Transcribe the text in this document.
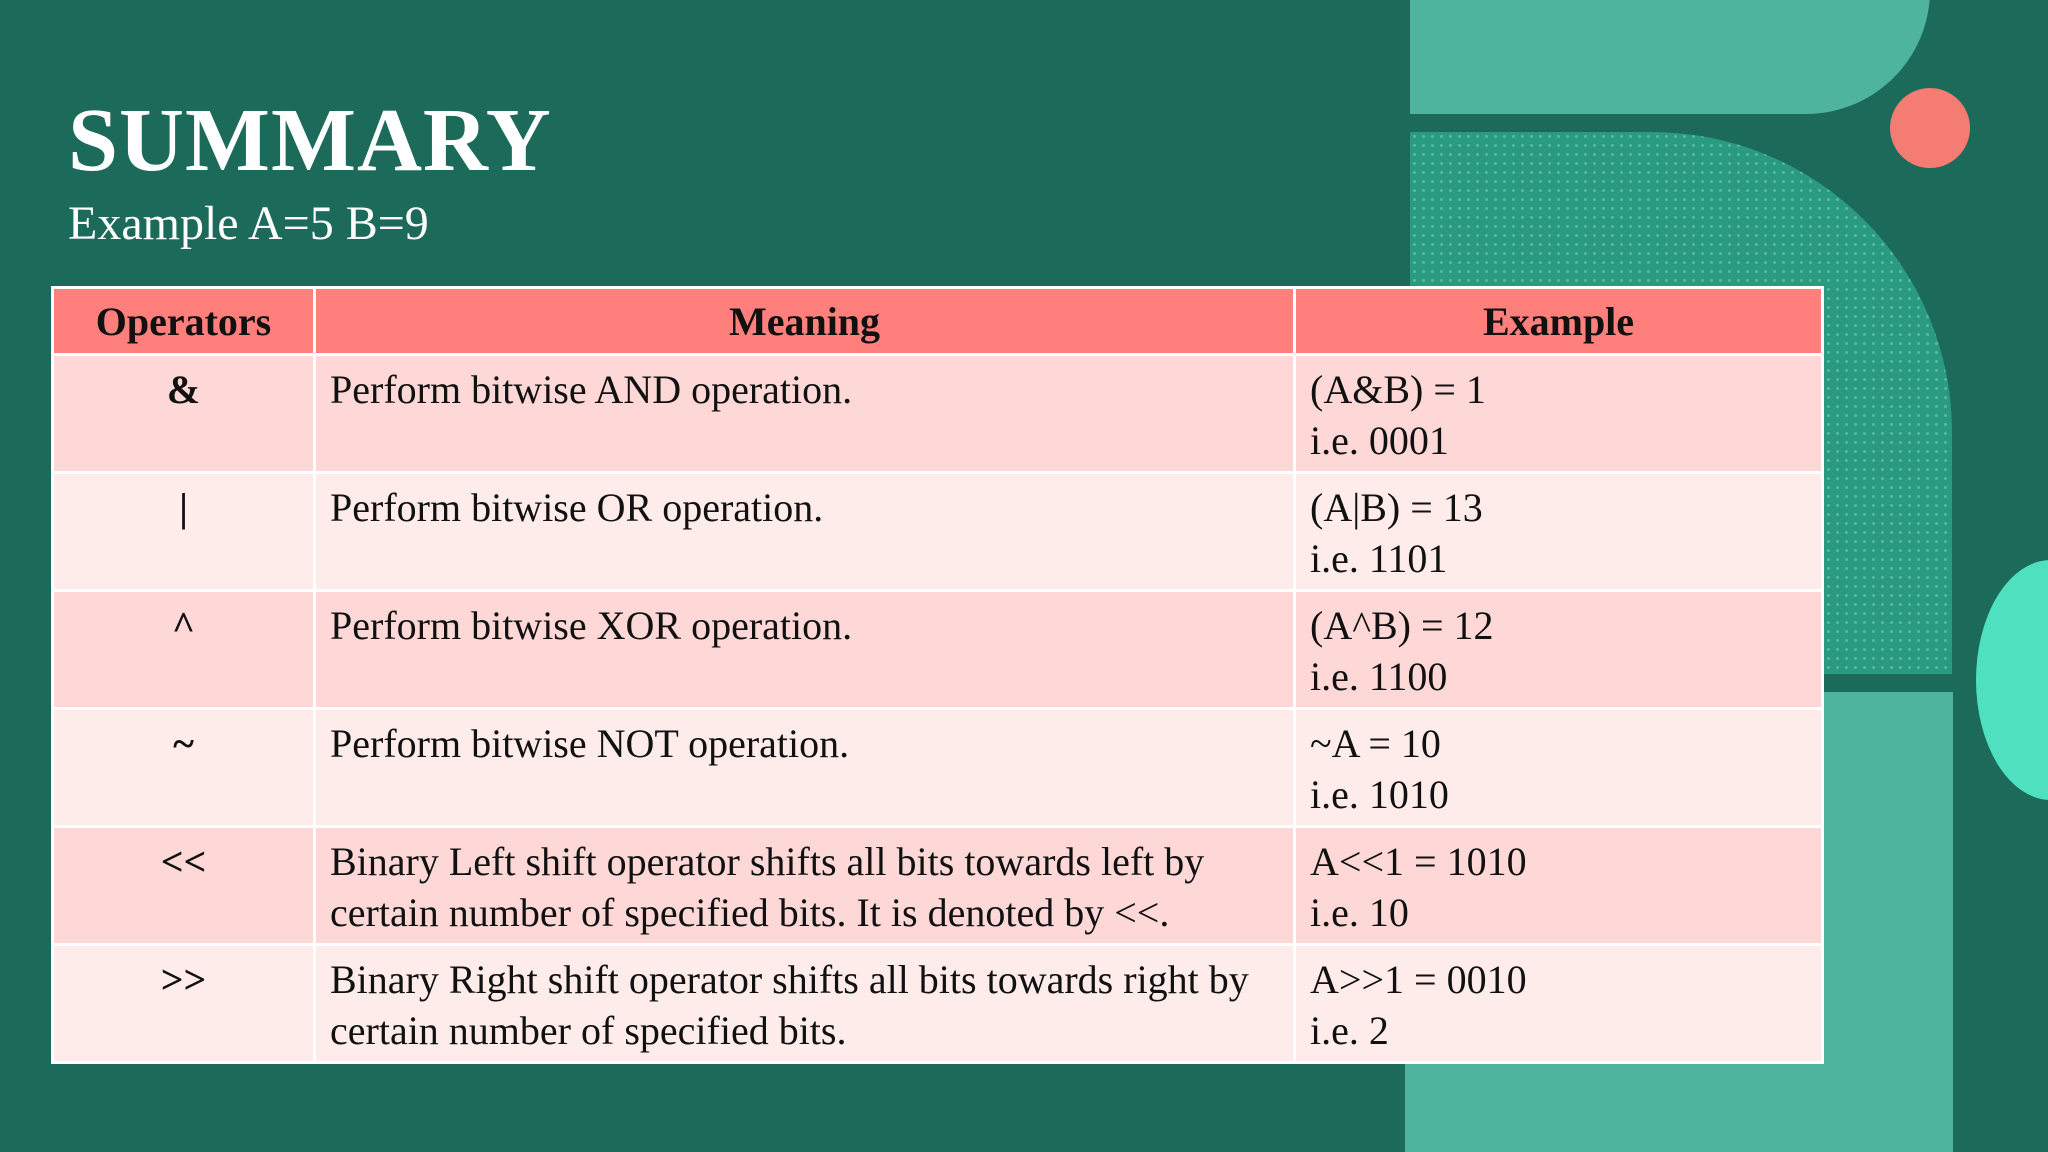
SUMMARY

Example A=5 B=9

Operators	Meaning	Example
&	Perform bitwise AND operation.	(A&B) = 1
i.e. 0001

|	Perform bitwise OR operation.	(A|B) = 13
i.e. 1101

^	Perform bitwise XOR operation.	(A^B) = 12
i.e. 1100

~	Perform bitwise NOT operation.	~A = 10
i.e. 1010

<<	Binary Left shift operator shifts all bits towards left by certain number of specified bits. It is denoted by <<.	A<<1 = 1010
i.e. 10

>>	Binary Right shift operator shifts all bits towards right by certain number of specified bits.	A>>1 = 0010
i.e. 2
